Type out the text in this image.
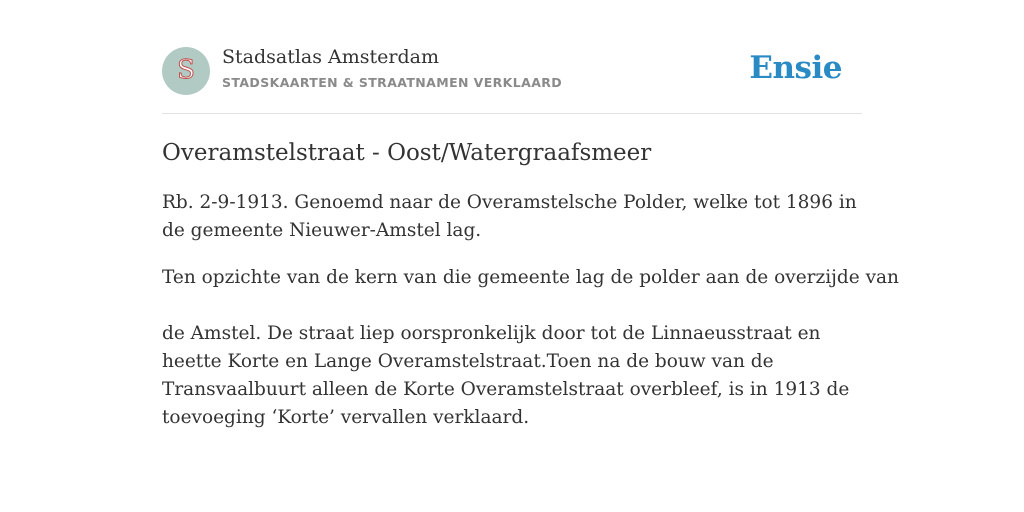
S Stadsatlas Amsterdam
STADSKAARTEN & STRAATNAMEN VERKLAARD	Ensie
Overamstelstraat - Oost/Watergraafsmeer

Rb. 2-9-1913. Genoemd naar de Overamstelsche Polder, welke tot 1896 in de gemeente Nieuwer-Amstel lag.

Ten opzichte van de kern van die gemeente lag de polder aan de overzijde van

de Amstel. De straat liep oorspronkelijk door tot de Linnaeusstraat en heette Korte en Lange Overamstelstraat.Toen na de bouw van de Transvaalbuurt alleen de Korte Overamstelstraat overbleef, is in 1913 de toevoeging ‘Korte’ vervallen verklaard.
